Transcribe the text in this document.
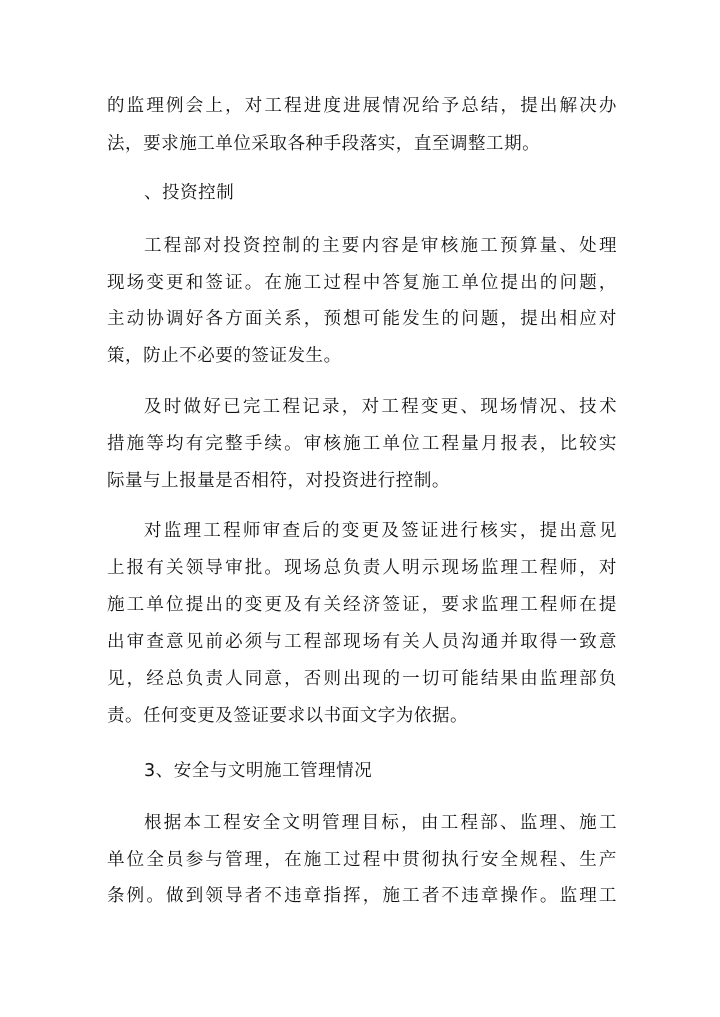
的监理例会上，对工程进度进展情况给予总结，提出解决办
法，要求施工单位采取各种手段落实，直至调整工期。
、投资控制
工程部对投资控制的主要内容是审核施工预算量、处理
现场变更和签证。在施工过程中答复施工单位提出的问题，
主动协调好各方面关系，预想可能发生的问题，提出相应对
策，防止不必要的签证发生。
及时做好已完工程记录，对工程变更、现场情况、技术
措施等均有完整手续。审核施工单位工程量月报表，比较实
际量与上报量是否相符，对投资进行控制。
对监理工程师审查后的变更及签证进行核实，提出意见
上报有关领导审批。现场总负责人明示现场监理工程师，对
施工单位提出的变更及有关经济签证，要求监理工程师在提
出审查意见前必须与工程部现场有关人员沟通并取得一致意
见，经总负责人同意，否则出现的一切可能结果由监理部负
责。任何变更及签证要求以书面文字为依据。
3、安全与文明施工管理情况
根据本工程安全文明管理目标，由工程部、监理、施工
单位全员参与管理，在施工过程中贯彻执行安全规程、生产
条例。做到领导者不违章指挥，施工者不违章操作。监理工
